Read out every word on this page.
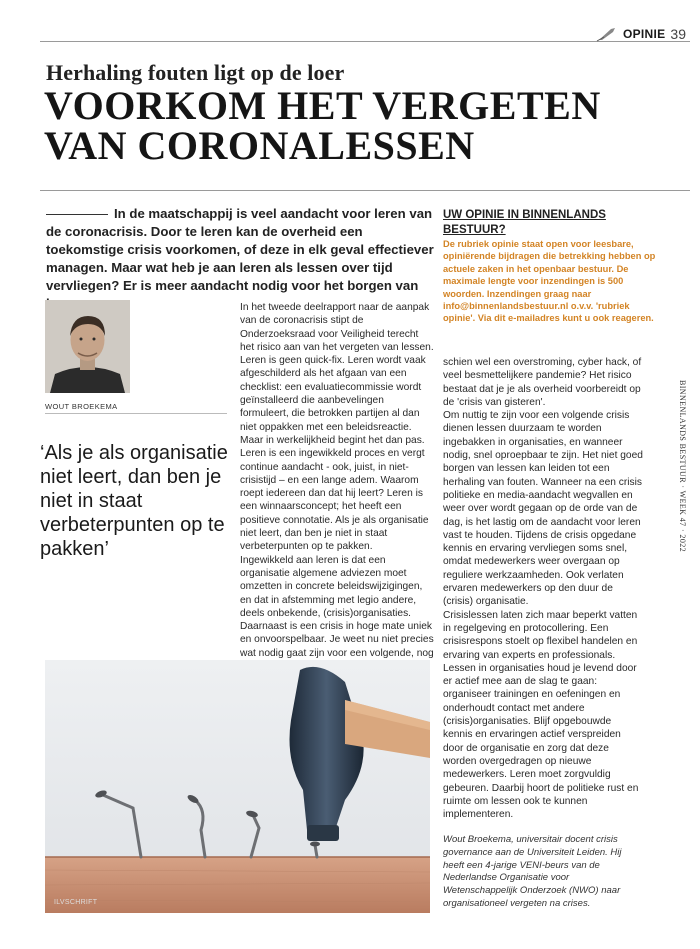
OPINIE 39
Herhaling fouten ligt op de loer
VOORKOM HET VERGETEN
VAN CORONALESSEN
In de maatschappij is veel aandacht voor leren van de coronacrisis. Door te leren kan de overheid een toekomstige crisis voorkomen, of deze in elk geval effectiever managen. Maar wat heb je aan leren als lessen over tijd vervliegen? Er is meer aandacht nodig voor het borgen van
UW OPINIE IN BINNENLANDS BESTUUR?
De rubriek opinie staat open voor leesbare, opiniërende bijdragen die betrekking hebben op actuele zaken in het openbaar bestuur. De maximale lengte voor inzendingen is 500 woorden. Inzendingen graag naar info@binnenlandsbestuur.nl o.v.v. 'rubriek opinie'. Via dit e-mailadres kunt u ook reageren.
WOUT BROEKEMA
‘Als je als organisatie niet leert, dan ben je niet in staat verbeterpunten op te pakken’

In het tweede deelrapport naar de aanpak van de coronacrisis stipt de Onderzoeksraad voor Veiligheid terecht het risico aan van het vergeten van lessen.

Leren is geen quick-fix. Leren wordt vaak afgeschilderd als het afgaan van een checklist: een evaluatiecommissie wordt geïnstalleerd die aanbevelingen formuleert, die betrokken partijen al dan niet oppakken met een beleidsreactie. Maar in werkelijkheid begint het dan pas. Leren is een ingewikkeld proces en vergt continue aandacht - ook, juist, in niet-crisistijd – en een lange adem. Waarom roept iedereen dan dat hij leert? Leren is een winnaarsconcept; het heeft een positieve connotatie. Als je als organisatie niet leert, dan ben je niet in staat verbeterpunten op te pakken.

Ingewikkeld aan leren is dat een organisatie algemene adviezen moet omzetten in concrete beleidswijzigingen, en dat in afstemming met legio andere, deels onbekende, (crisis)organisaties. Daarnaast is een crisis in hoge mate uniek en onvoorspelbaar. Je weet nu niet precies wat nodig gaat zijn voor een volgende, nog

schien wel een overstroming, cyber hack, of veel besmettelijkere pandemie? Het risico bestaat dat je je als overheid voorbereidt op de 'crisis van gisteren'.

Om nuttig te zijn voor een volgende crisis dienen lessen duurzaam te worden ingebakken in organisaties, en wanneer nodig, snel oproepbaar te zijn. Het niet goed borgen van lessen kan leiden tot een herhaling van fouten. Wanneer na een crisis politieke en media-aandacht wegvallen en weer over wordt gegaan op de orde van de dag, is het lastig om de aandacht voor leren vast te houden. Tijdens de crisis opgedane kennis en ervaring vervliegen soms snel, omdat medewerkers weer overgaan op reguliere werkzaamheden. Ook verlaten ervaren medewerkers op den duur de (crisis) organisatie.

Crisislessen laten zich maar beperkt vatten in regelgeving en protocollering. Een crisisrespons stoelt op flexibel handelen en ervaring van experts en professionals. Lessen in organisaties houd je levend door er actief mee aan de slag te gaan: organiseer trainingen en oefeningen en onderhoudt contact met andere (crisis)organisaties. Blijf opgebouwde kennis en ervaringen actief verspreiden door de organisatie en zorg dat deze worden overgedragen op nieuwe medewerkers. Leren moet zorgvuldig gebeuren. Daarbij hoort de politieke rust en ruimte om lessen ook te kunnen implementeren.

Wout Broekema, universitair docent crisis governance aan de Universiteit Leiden. Hij heeft een 4-jarige VENI-beurs van de Nederlandse Organisatie voor Wetenschappelijk Onderzoek (NWO) naar organisationeel vergeten na crises.
BINNENLANDS BESTUUR · WEEK 47 · 2022
ILVSCHRIFT
